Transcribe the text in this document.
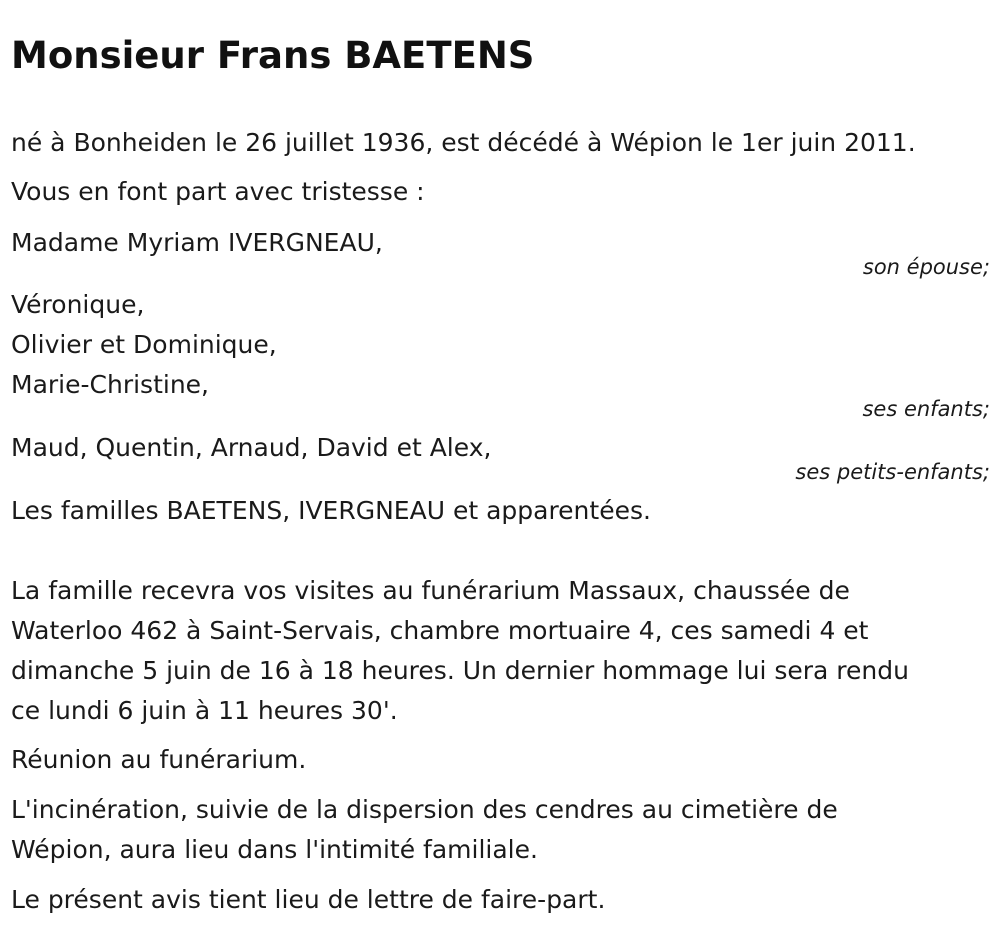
Monsieur Frans BAETENS

né à Bonheiden le 26 juillet 1936, est décédé à Wépion le 1er juin 2011.

Vous en font part avec tristesse :

Madame Myriam IVERGNEAU,

son épouse;

Véronique,

Olivier et Dominique,

Marie-Christine,

ses enfants;

Maud, Quentin, Arnaud, David et Alex,

ses petits-enfants;

Les familles BAETENS, IVERGNEAU et apparentées.

La famille recevra vos visites au funérarium Massaux, chaussée de

Waterloo 462 à Saint-Servais, chambre mortuaire 4, ces samedi 4 et

dimanche 5 juin de 16 à 18 heures. Un dernier hommage lui sera rendu

ce lundi 6 juin à 11 heures 30'.

Réunion au funérarium.

L'incinération, suivie de la dispersion des cendres au cimetière de

Wépion, aura lieu dans l'intimité familiale.

Le présent avis tient lieu de lettre de faire-part.
